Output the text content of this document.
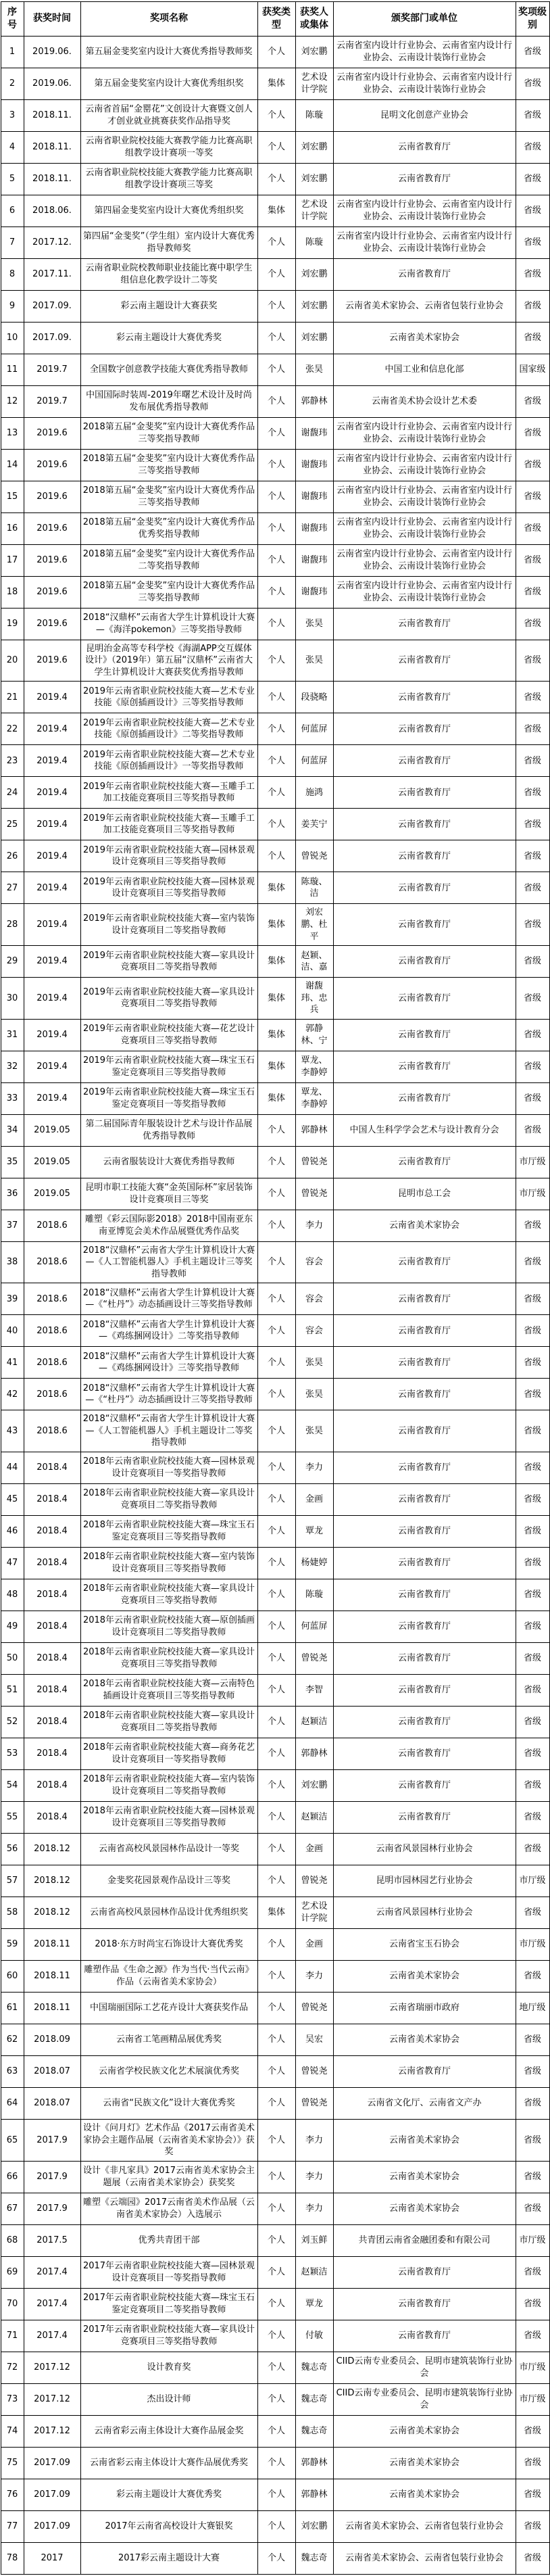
序号	获奖时间	奖项名称	获奖类型	获奖人或集体	颁奖部门或单位	奖项级别
1	2019.06.	第五届金斐奖室内设计大赛优秀指导教师奖	个人	刘宏鹏	云南省室内设计行业协会、云南省室内设计行业协会、云南设计装饰行业协会	省级
2	2019.06.	第五届金斐奖室内设计大赛优秀组织奖	集体	艺术设计学院	云南省室内设计行业协会、云南省室内设计行业协会、云南设计装饰行业协会	省级
3	2018.11.	云南省首届“金罂花”文创设计大赛暨文创人才创业就业挑赛获奖作品指导奖	个人	陈璇	昆明文化创意产业协会	省级
4	2018.11.	云南省职业院校技能大赛教学能力比赛高职组教学设计赛项一等奖	个人	刘宏鹏	云南省教育厅	省级
5	2018.11.	云南省职业院校技能大赛教学能力比赛高职组教学设计赛项三等奖	个人	刘宏鹏	云南省教育厅	省级
6	2018.06.	第四届金斐奖室内设计大赛优秀组织奖	集体	艺术设计学院	云南省室内设计行业协会、云南省室内设计行业协会、云南设计装饰行业协会	省级
7	2017.12.	第四届“金斐奖”（学生组）室内设计大赛优秀指导教师奖	个人	陈璇	云南省室内设计行业协会、云南省室内设计行业协会、云南设计装饰行业协会	省级
8	2017.11.	云南省职业院校教师职业技能比赛中职学生组信息化教学设计二等奖	个人	刘宏鹏	云南省教育厅	省级
9	2017.09.	彩云南主题设计大赛获奖	个人	刘宏鹏	云南省美术家协会、云南省包装行业协会	省级
10	2017.09.	彩云南主题设计大赛优秀奖	个人	刘宏鹏	云南省美术家协会	省级
11	2019.7	全国数字创意教学技能大赛优秀指导教师	个人	张昊	中国工业和信息化部	国家级
12	2019.7	中国国际时装周-2019年曙艺术设计及时尚发布展优秀指导教师	个人	郭静林	云南省美术协会设计艺术委	省级
13	2019.6	2018第五届“金斐奖”室内设计大赛优秀作品三等奖指导教师	个人	谢馥玮	云南省室内设计行业协会、云南省室内设计行业协会、云南设计装饰行业协会	省级
14	2019.6	2018第五届“金斐奖”室内设计大赛优秀作品三等奖指导教师	个人	谢馥玮	云南省室内设计行业协会、云南省室内设计行业协会、云南设计装饰行业协会	省级
15	2019.6	2018第五届“金斐奖”室内设计大赛优秀作品三等奖指导教师	个人	谢馥玮	云南省室内设计行业协会、云南省室内设计行业协会、云南设计装饰行业协会	省级
16	2019.6	2018第五届“金斐奖”室内设计大赛优秀作品优秀奖指导教师	个人	谢馥玮	云南省室内设计行业协会、云南省室内设计行业协会、云南设计装饰行业协会	省级
17	2019.6	2018第五届“金斐奖”室内设计大赛优秀作品二等奖指导教师	个人	谢馥玮	云南省室内设计行业协会、云南省室内设计行业协会、云南设计装饰行业协会	省级
18	2019.6	2018第五届“金斐奖”室内设计大赛优秀作品三等奖指导教师	个人	谢馥玮	云南省室内设计行业协会、云南省室内设计行业协会、云南设计装饰行业协会	省级
19	2019.6	2018“汉鼎杯”云南省大学生计算机设计大赛—《海洋pokemon》三等奖指导教师	个人	张昊	云南省教育厅	省级
20	2019.6	昆明治金高等专科学校《海湖APP交互媒体设计》（2019年）第五届“汉鼎杯”云南省大学生计算机设计大赛获奖优秀指导教师	个人	张昊	云南省教育厅	省级
21	2019.4	2019年云南省职业院校技能大赛—艺术专业技能《原创插画设计》三等奖指导教师	个人	段骁略	云南省教育厅	省级
22	2019.4	2019年云南省职业院校技能大赛—艺术专业技能《原创插画设计》二等奖指导教师	个人	何蓝屏	云南省教育厅	省级
23	2019.4	2019年云南省职业院校技能大赛—艺术专业技能《原创插画设计》一等奖指导教师	个人	何蓝屏	云南省教育厅	省级
24	2019.4	2019年云南省职业院校技能大赛—玉雕手工加工技能竞赛项目三等奖指导教师	个人	施鸿	云南省教育厅	省级
25	2019.4	2019年云南省职业院校技能大赛—玉雕手工加工技能竞赛项目三等奖指导教师	个人	姜芙宁	云南省教育厅	省级
26	2019.4	2019年云南省职业院校技能大赛—园林景观设计竞赛项目三等奖指导教师	个人	曾锐尧	云南省教育厅	省级
27	2019.4	2019年云南省职业院校技能大赛—园林景观设计竞赛项目三等奖指导教师	集体	陈璇、洁	云南省教育厅	省级
28	2019.4	2019年云南省职业院校技能大赛—室内装饰设计竞赛项目二等奖指导教师	集体	刘宏鹏、杜平	云南省教育厅	省级
29	2019.4	2019年云南省职业院校技能大赛—家具设计竞赛项目二等奖指导教师	集体	赵颖、洁、嘉	云南省教育厅	省级
30	2019.4	2019年云南省职业院校技能大赛—家具设计竞赛项目二等奖指导教师	集体	谢馥玮、忠兵	云南省教育厅	省级
31	2019.4	2019年云南省职业院校技能大赛—花艺设计竞赛项目三等奖指导教师	集体	郭静林、宁	云南省教育厅	省级
32	2019.4	2019年云南省职业院校技能大赛—珠宝玉石鉴定竞赛项目三等奖指导教师	集体	覃龙、李静婷	云南省教育厅	省级
33	2019.4	2019年云南省职业院校技能大赛—珠宝玉石鉴定竞赛项目一等奖指导教师	集体	覃龙、李静婷	云南省教育厅	省级
34	2019.05	第二届国际青年服装设计艺术与设计作品展优秀指导教师	个人	郭静林	中国人生科学学会艺术与设计教育分会	省级
35	2019.05	云南省服装设计大赛优秀指导教师	个人	曾锐尧	云南省教育厅	市厅级
36	2019.05	昆明市职工技能大赛“金英国际杯”家居装饰设计竞赛项目三等奖	个人	曾锐尧	昆明市总工会	市厅级
37	2018.6	雕塑《彩云国际影2018》2018中国南亚东南亚博览会美术作品展暨优秀作品奖	个人	李力	云南省美术家协会	省级
38	2018.6	2018“汉鼎杯”云南省大学生计算机设计大赛—《人工智能机器人》手机主题设计三等奖指导教师	个人	容会	云南省教育厅	省级
39	2018.6	2018“汉鼎杯”云南省大学生计算机设计大赛—《“杜丹”》动态插画设计三等奖指导教师	个人	容会	云南省教育厅	省级
40	2018.6	2018“汉鼎杯”云南省大学生计算机设计大赛—《鸡练捆网设计》二等奖指导教师	个人	容会	云南省教育厅	省级
41	2018.6	2018“汉鼎杯”云南省大学生计算机设计大赛—《鸡练捆网设计》三等奖指导教师	个人	张昊	云南省教育厅	省级
42	2018.6	2018“汉鼎杯”云南省大学生计算机设计大赛—《“杜丹”》动态插画设计三等奖指导教师	个人	张昊	云南省教育厅	省级
43	2018.6	2018“汉鼎杯”云南省大学生计算机设计大赛—《人工智能机器人》手机主题设计二等奖指导教师	个人	张昊	云南省教育厅	省级
44	2018.4	2018年云南省职业院校技能大赛—园林景观设计竞赛项目一等奖指导教师	个人	李力	云南省教育厅	省级
45	2018.4	2018年云南省职业院校技能大赛—家具设计竞赛项目二等奖指导教师	个人	金画	云南省教育厅	省级
46	2018.4	2018年云南省职业院校技能大赛—珠宝玉石鉴定竞赛项目三等奖指导教师	个人	覃龙	云南省教育厅	省级
47	2018.4	2018年云南省职业院校技能大赛—室内装饰设计竞赛项目三等奖指导教师	个人	杨婕婷	云南省教育厅	省级
48	2018.4	2018年云南省职业院校技能大赛—家具设计竞赛项目三等奖指导教师	个人	陈璇	云南省教育厅	省级
49	2018.4	2018年云南省职业院校技能大赛—原创插画设计竞赛项目二等奖指导教师	个人	何蓝屏	云南省教育厅	省级
50	2018.4	2018年云南省职业院校技能大赛—家具设计竞赛项目三等奖指导教师	个人	曾锐尧	云南省教育厅	省级
51	2018.4	2018年云南省职业院校技能大赛—云南特色插画设计竞赛项目三等奖指导教师	个人	李智	云南省教育厅	省级
52	2018.4	2018年云南省职业院校技能大赛—家具设计竞赛项目二等奖指导教师	个人	赵颖洁	云南省教育厅	省级
53	2018.4	2018年云南省职业院校技能大赛—商务花艺设计竞赛项目一等奖指导教师	个人	郭静林	云南省教育厅	省级
54	2018.4	2018年云南省职业院校技能大赛—室内装饰设计竞赛项目二等奖指导教师	个人	刘宏鹏	云南省教育厅	省级
55	2018.4	2018年云南省职业院校技能大赛—园林景观设计竞赛项目三等奖指导教师	个人	赵颖洁	云南省教育厅	省级
56	2018.12	云南省高校风景园林作品设计一等奖	个人	金画	云南省风景园林行业协会	省级
57	2018.12	金斐奖花园景观作品设计三等奖	个人	曾锐尧	昆明市园林园艺行业协会	市厅级
58	2018.12	云南省高校风景园林作品设计优秀组织奖	集体	艺术设计学院	云南省风景园林行业协会	省级
59	2018.11	2018·东方时尚宝石饰设计大赛优秀奖	个人	金画	云南省宝玉石协会	市厅级
60	2018.11	雕塑作品《生命之源》作为当代·当代云南》作品（云南省美术家协会）	个人	李力	云南省美术家协会	省级
61	2018.11	中国瑞丽国际工艺花卉设计大赛获奖作品	个人	曾锐尧	云南省瑞丽市政府	地厅级
62	2018.09	云南省工笔画精品展优秀奖	个人	吴宏	云南省美术家协会	省级
63	2018.07	云南省学校民族文化艺术展演优秀奖	个人	曾锐尧	云南省教育厅	省级
64	2018.07	云南省“民族文化”设计大赛优秀奖	个人	曾锐尧	云南省文化厅、云南省文产办	省级
65	2017.9	设计《问月灯》艺术作品《2017云南省美术家协会主题作品展（云南省美术家协会）》获奖	个人	李力	云南省美术家协会	省级
66	2017.9	设计《非凡家具》2017云南省美术家协会主题展（云南省美术家协会）获奖奖	个人	李力	云南省美术家协会	省级
67	2017.9	雕塑《云端园》2017云南省美术作品展（云南省美术家协会）入选展示	个人	李力	云南省美术家协会	省级
68	2017.5	优秀共青团干部	个人	刘玉鲜	共青团云南省金融团委和有限公司	市厅级
69	2017.4	2017年云南省职业院校技能大赛—园林景观设计竞赛项目一等奖指导教师	个人	赵颖洁	云南省教育厅	省级
70	2017.4	2017年云南省职业院校技能大赛—珠宝玉石鉴定竞赛项目二等奖指导教师	个人	覃龙	云南省教育厅	省级
71	2017.4	2017年云南省职业院校技能大赛—家具设计竞赛项目三等奖指导教师	个人	付敏	云南省教育厅	省级
72	2017.12	设计教育奖	个人	魏志奇	CIID云南专业委员会、昆明市建筑装饰行业协会	市厅级
73	2017.12	杰出设计师	个人	魏志奇	CIID云南专业委员会、昆明市建筑装饰行业协会	市厅级
74	2017.12	云南省彩云南主体设计大赛作品展金奖	个人	魏志奇	云南省美术家协会	省级
75	2017.09	云南省彩云南主体设计大赛作品展优秀奖	个人	郭静林	云南省美术家协会	省级
76	2017.09	彩云南主题设计大赛优秀奖	个人	郭静林	云南省美术家协会	省级
77	2017.09	2017年云南省高校设计大赛银奖	个人	刘宏鹏	云南省美术家协会、云南省包装行业协会	省级
78	2017	2017彩云南主题设计大赛	个人	魏志奇	云南省美术家协会、云南省包装行业协会	省级
